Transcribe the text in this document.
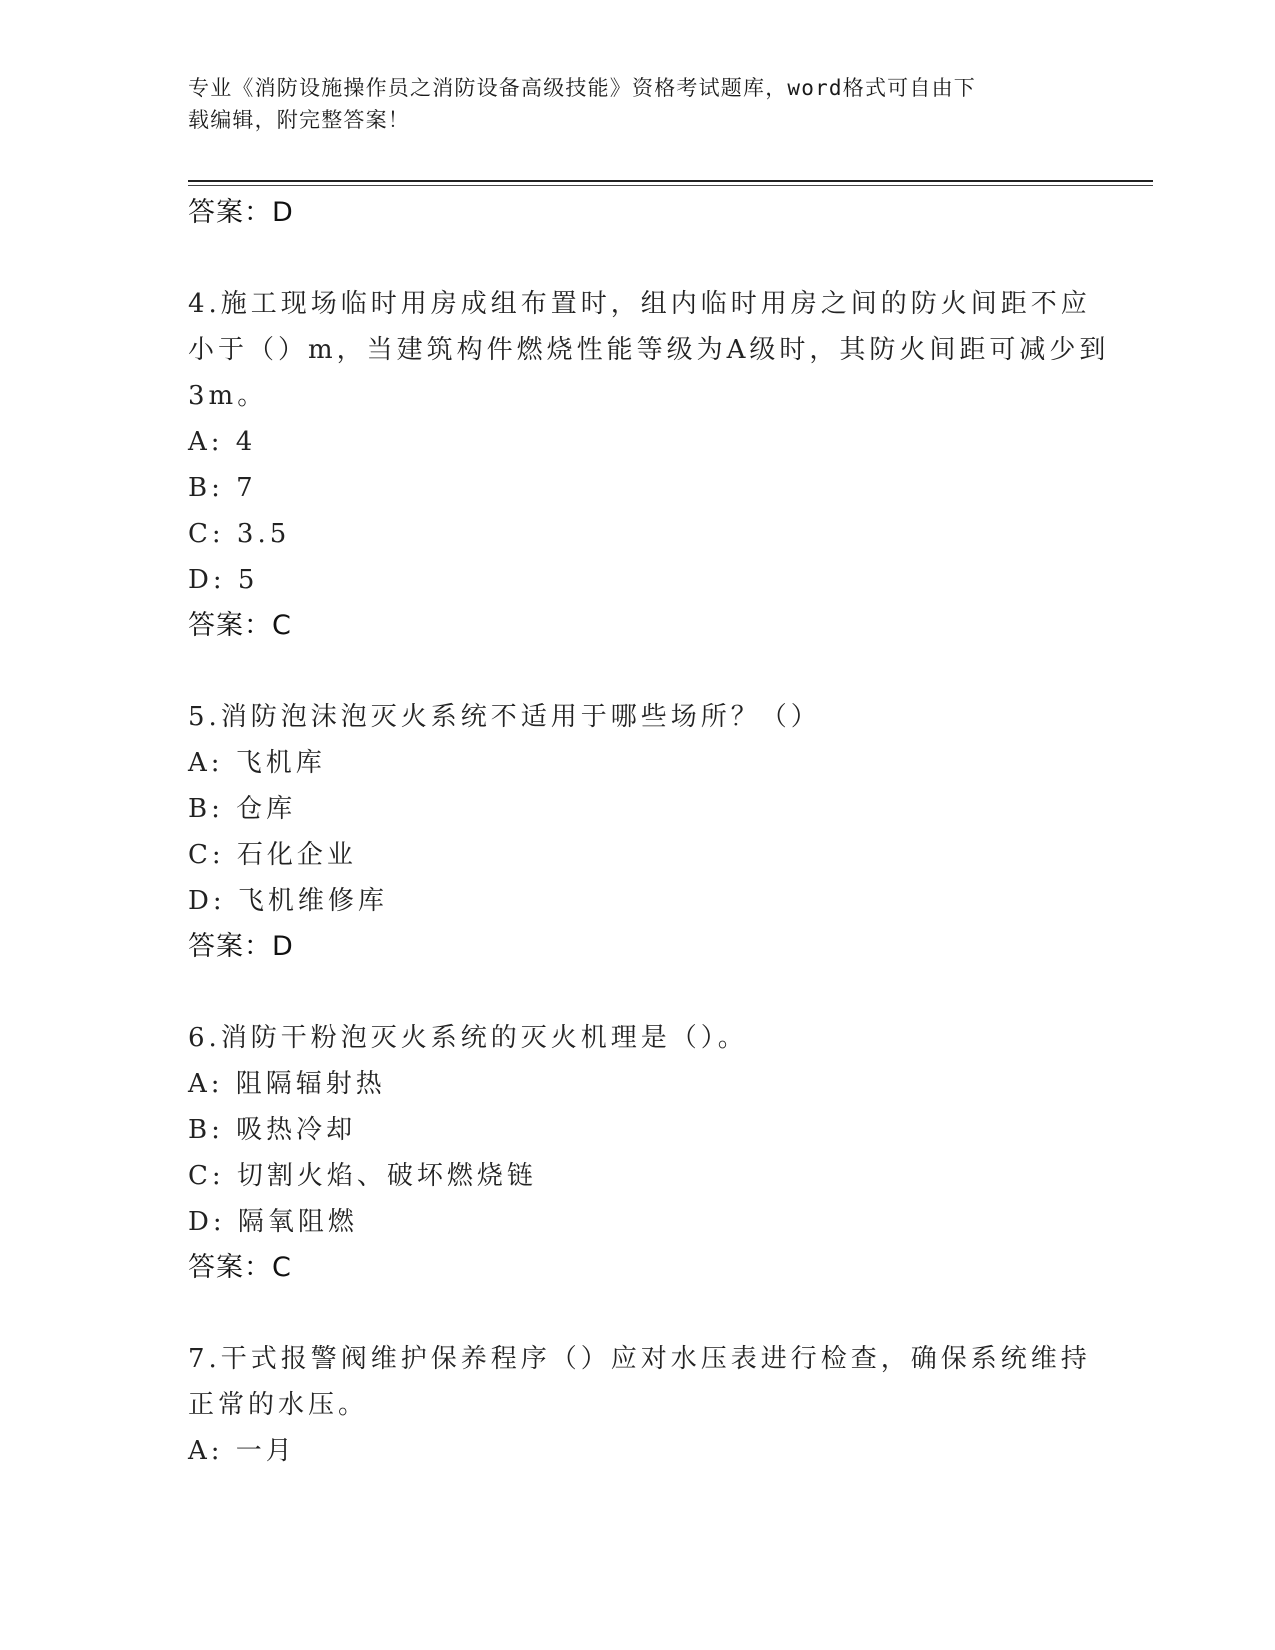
专业《消防设施操作员之消防设备高级技能》资格考试题库，word格式可自由下
载编辑，附完整答案！
答案：D
4.施工现场临时用房成组布置时，组内临时用房之间的防火间距不应
小于（）m，当建筑构件燃烧性能等级为A级时，其防火间距可减少到
3m。
A: 4
B: 7
C: 3.5
D: 5
答案：C
5.消防泡沫泡灭火系统不适用于哪些场所？（）
A: 飞机库
B: 仓库
C: 石化企业
D: 飞机维修库
答案：D
6.消防干粉泡灭火系统的灭火机理是（）。
A: 阻隔辐射热
B: 吸热冷却
C: 切割火焰、破坏燃烧链
D: 隔氧阻燃
答案：C
7.干式报警阀维护保养程序（）应对水压表进行检查，确保系统维持
正常的水压。
A: 一月
